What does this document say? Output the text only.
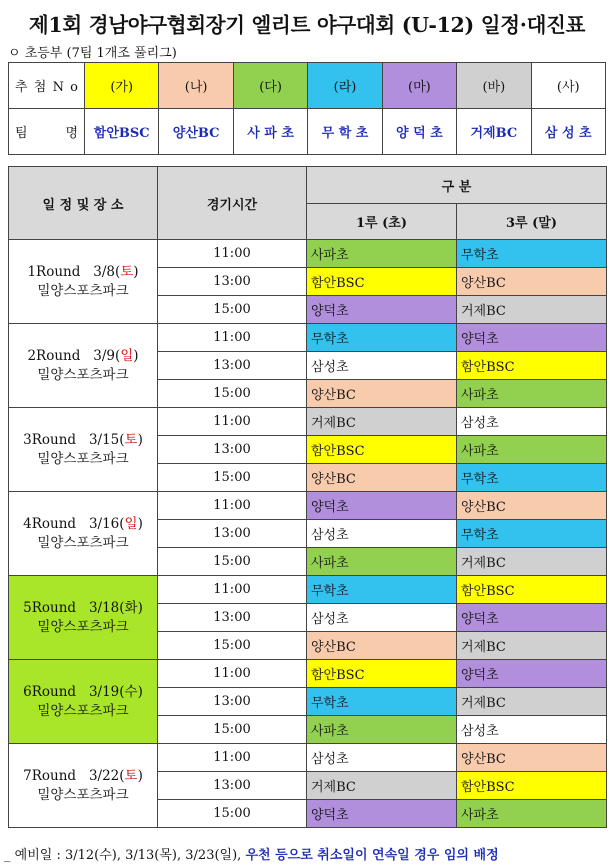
제1회 경남야구협회장기 엘리트 야구대회 (U-12) 일정·대진표
ㅇ 초등부 (7팀 1개조 풀리그)
추 첨 N o	(가)	(나)	(다)	(라)	(마)	(바)	(사)
팀 명	함안BSC	양산BC	사 파 초	무 학 초	양 덕 초	거제BC	삼 성 초
일 정 및 장 소	경기시간	구 분	
		1루 (초)	3루 (말)
1Round 3/8(토)
밀양스포츠파크	11:00	사파초	무학초
	13:00	함안BSC	양산BC
	15:00	양덕초	거제BC
2Round 3/9(일)
밀양스포츠파크	11:00	무학초	양덕초
	13:00	삼성초	함안BSC
	15:00	양산BC	사파초
3Round 3/15(토)
밀양스포츠파크	11:00	거제BC	삼성초
	13:00	함안BSC	사파초
	15:00	양산BC	무학초
4Round 3/16(일)
밀양스포츠파크	11:00	양덕초	양산BC
	13:00	삼성초	무학초
	15:00	사파초	거제BC
5Round 3/18(화)
밀양스포츠파크	11:00	무학초	함안BSC
	13:00	삼성초	양덕초
	15:00	양산BC	거제BC
6Round 3/19(수)
밀양스포츠파크	11:00	함안BSC	양덕초
	13:00	무학초	거제BC
	15:00	사파초	삼성초
7Round 3/22(토)
밀양스포츠파크	11:00	삼성초	양산BC
	13:00	거제BC	함안BSC
	15:00	양덕초	사파초
_ 예비일 : 3/12(수), 3/13(목), 3/23(일), 우천 등으로 취소일이 연속일 경우 임의 배정
